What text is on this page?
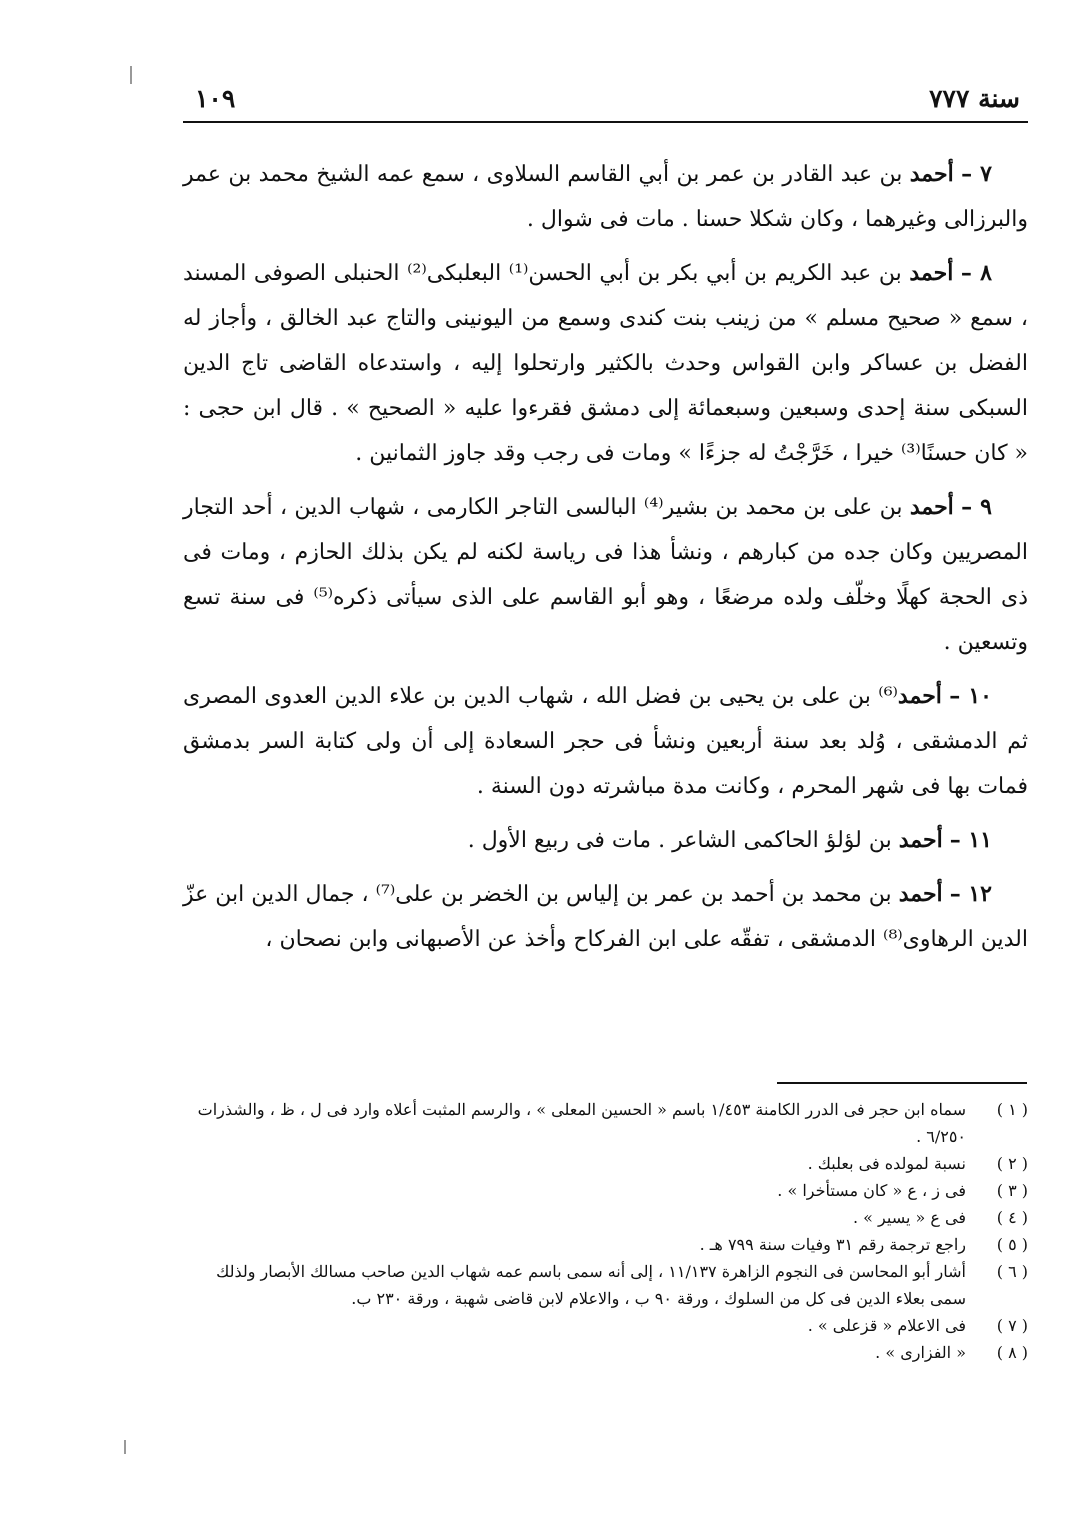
سنة ٧٧٧
١٠٩

٧ – أحمد بن عبد القادر بن عمر بن أبي القاسم السلاوى ، سمع عمه الشيخ محمد بن عمر والبرزالى وغيرهما ، وكان شكلا حسنا . مات فى شوال .

٨ – أحمد بن عبد الكريم بن أبي بكر بن أبي الحسن⁽¹⁾ البعلبكى⁽²⁾ الحنبلى الصوفى المسند ، سمع « صحيح مسلم » من زينب بنت كندى وسمع من اليونينى والتاج عبد الخالق ، وأجاز له الفضل بن عساكر وابن القواس وحدث بالكثير وارتحلوا إليه ، واستدعاه القاضى تاج الدين السبكى سنة إحدى وسبعين وسبعمائة إلى دمشق فقرءوا عليه « الصحيح » . قال ابن حجى : « كان حسنًا⁽³⁾ خيرا ، خَرَّجْتُ له جزءًا » ومات فى رجب وقد جاوز الثمانين .

٩ – أحمد بن على بن محمد بن بشير⁽⁴⁾ البالسى التاجر الكارمى ، شهاب الدين ، أحد التجار المصريين وكان جده من كبارهم ، ونشأ هذا فى رياسة لكنه لم يكن بذلك الحازم ، ومات فى ذى الحجة كهلًا وخلّف ولده مرضعًا ، وهو أبو القاسم على الذى سيأتى ذكره⁽⁵⁾ فى سنة تسع وتسعين .

١٠ – أحمد⁽⁶⁾ بن على بن يحيى بن فضل الله ، شهاب الدين بن علاء الدين العدوى المصرى ثم الدمشقى ، وُلد بعد سنة أربعين ونشأ فى حجر السعادة إلى أن ولى كتابة السر بدمشق فمات بها فى شهر المحرم ، وكانت مدة مباشرته دون السنة .

١١ – أحمد بن لؤلؤ الحاكمى الشاعر . مات فى ربيع الأول .

١٢ – أحمد بن محمد بن أحمد بن عمر بن إلياس بن الخضر بن على⁽⁷⁾ ، جمال الدين ابن عزّ الدين الرهاوى⁽⁸⁾ الدمشقى ، تفقّه على ابن الفركاح وأخذ عن الأصبهانى وابن نصحان ،

( ١ )سماه ابن حجر فى الدرر الكامنة ١/٤٥٣ باسم « الحسين المعلى » ، والرسم المثبت أعلاه وارد فى ل ، ظ ، والشذرات ٦/٢٥٠ .

( ٢ )نسبة لمولده فى بعلبك .

( ٣ )فى ز ، ع « كان مستأخرا » .

( ٤ )فى ع « يسير » .

( ٥ )راجع ترجمة رقم ٣١ وفيات سنة ٧٩٩ هـ .

( ٦ )أشار أبو المحاسن فى النجوم الزاهرة ١١/١٣٧ ، إلى أنه سمى باسم عمه شهاب الدين صاحب مسالك الأبصار ولذلك سمى بعلاء الدين فى كل من السلوك ، ورقة ٩٠ ب ، والاعلام لابن قاضى شهبة ، ورقة ٢٣٠ ب.

( ٧ )فى الاعلام « قزعلى » .

( ٨ )« الفزارى » .
